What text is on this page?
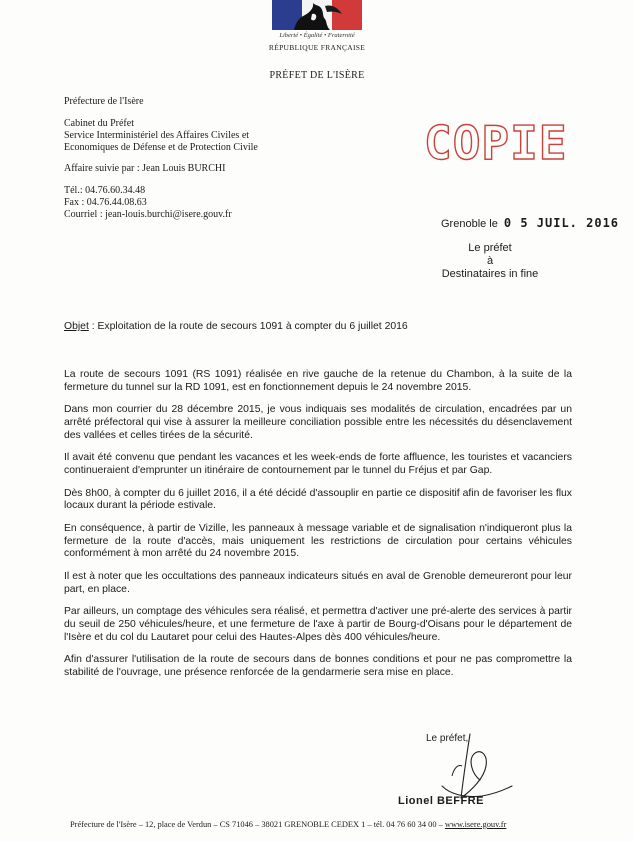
Liberté • Égalité • Fraternité
RÉPUBLIQUE FRANÇAISE
PRÉFET DE L'ISÈRE
Préfecture de l'Isère
Cabinet du Préfet
Service Interministériel des Affaires Civiles et
Economiques de Défense et de Protection Civile
Affaire suivie par : Jean Louis BURCHI
Tél.: 04.76.60.34.48
Fax : 04.76.44.08.63
Courriel : jean-louis.burchi@isere.gouv.fr
COPIE
Grenoble le 0 5 JUIL. 2016
Le préfet
à
Destinataires in fine
Objet : Exploitation de la route de secours 1091 à compter du 6 juillet 2016

La route de secours 1091 (RS 1091) réalisée en rive gauche de la retenue du Chambon, à la suite de la fermeture du tunnel sur la RD 1091, est en fonctionnement depuis le 24 novembre 2015.

Dans mon courrier du 28 décembre 2015, je vous indiquais ses modalités de circulation, encadrées par un arrêté préfectoral qui vise à assurer la meilleure conciliation possible entre les nécessités du désenclavement des vallées et celles tirées de la sécurité.

Il avait été convenu que pendant les vacances et les week-ends de forte affluence, les touristes et vacanciers continueraient d'emprunter un itinéraire de contournement par le tunnel du Fréjus et par Gap.

Dès 8h00, à compter du 6 juillet 2016, il a été décidé d'assouplir en partie ce dispositif afin de favoriser les flux locaux durant la période estivale.

En conséquence, à partir de Vizille, les panneaux à message variable et de signalisation n'indiqueront plus la fermeture de la route d'accès, mais uniquement les restrictions de circulation pour certains véhicules conformément à mon arrêté du 24 novembre 2015.

Il est à noter que les occultations des panneaux indicateurs situés en aval de Grenoble demeureront pour leur part, en place.

Par ailleurs, un comptage des véhicules sera réalisé, et permettra d'activer une pré-alerte des services à partir du seuil de 250 véhicules/heure, et une fermeture de l'axe à partir de Bourg-d'Oisans pour le département de l'Isère et du col du Lautaret pour celui des Hautes-Alpes dès 400 véhicules/heure.

Afin d'assurer l'utilisation de la route de secours dans de bonnes conditions et pour ne pas compromettre la stabilité de l'ouvrage, une présence renforcée de la gendarmerie sera mise en place.

Le préfet,
Lionel BEFFRE
Préfecture de l'Isère – 12, place de Verdun – CS 71046 – 38021 GRENOBLE CEDEX 1 – tél. 04 76 60 34 00 – www.isere.gouv.fr
